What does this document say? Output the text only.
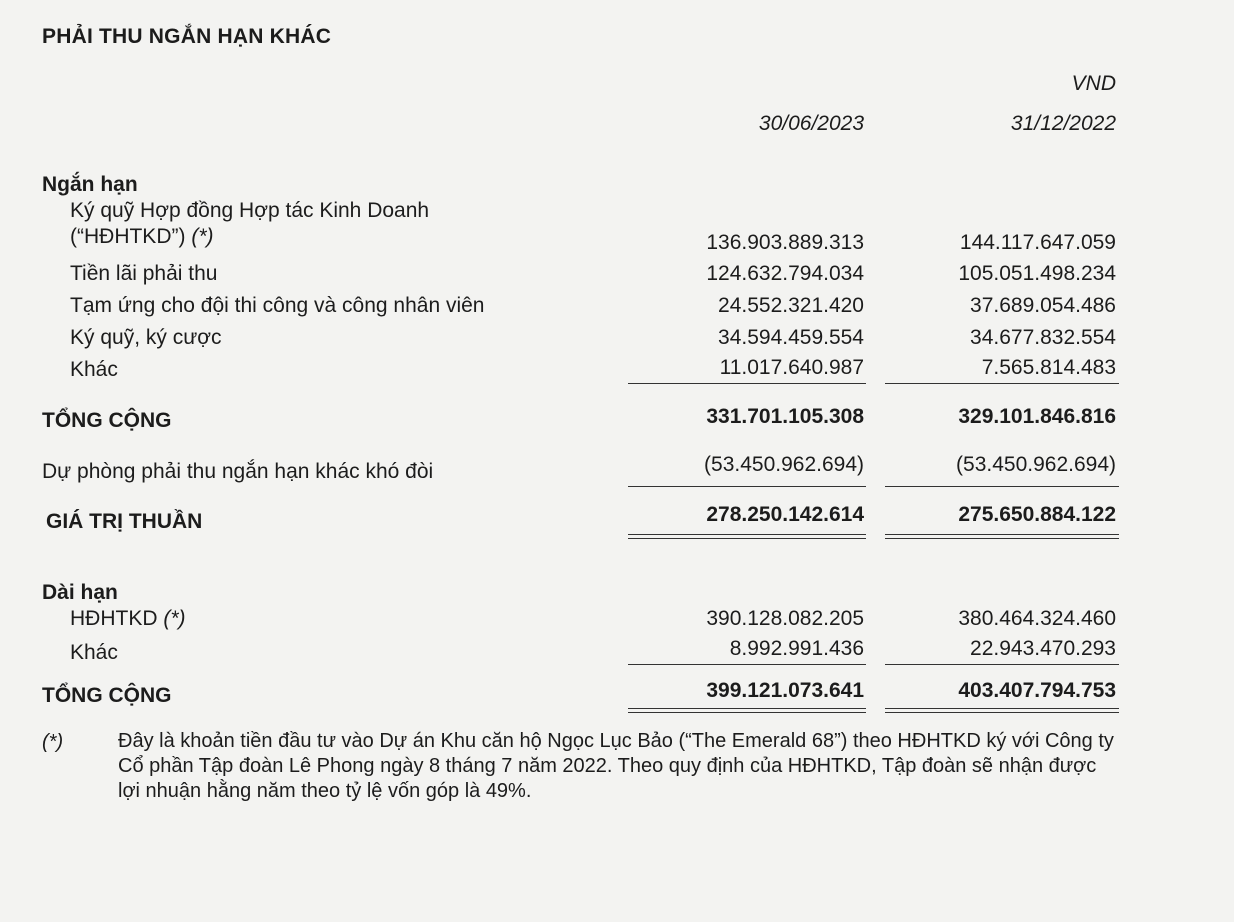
PHẢI THU NGẮN HẠN KHÁC
VND
30/06/2023	31/12/2022
Ngắn hạn
Ký quỹ Hợp đồng Hợp tác Kinh Doanh
(“HĐHTKD”) (*)	136.903.889.313	144.117.647.059
Tiền lãi phải thu	124.632.794.034	105.051.498.234
Tạm ứng cho đội thi công và công nhân viên	24.552.321.420	37.689.054.486
Ký quỹ, ký cược	34.594.459.554	34.677.832.554
Khác	11.017.640.987	7.565.814.483
TỔNG CỘNG	331.701.105.308	329.101.846.816
Dự phòng phải thu ngắn hạn khác khó đòi	(53.450.962.694)	(53.450.962.694)
GIÁ TRỊ THUẦN	278.250.142.614	275.650.884.122
Dài hạn
HĐHTKD (*)	390.128.082.205	380.464.324.460
Khác	8.992.991.436	22.943.470.293
TỔNG CỘNG	399.121.073.641	403.407.794.753
(*)	Đây là khoản tiền đầu tư vào Dự án Khu căn hộ Ngọc Lục Bảo (“The Emerald 68”) theo HĐHTKD ký với Công ty Cổ phần Tập đoàn Lê Phong ngày 8 tháng 7 năm 2022. Theo quy định của HĐHTKD, Tập đoàn sẽ nhận được lợi nhuận hằng năm theo tỷ lệ vốn góp là 49%.
